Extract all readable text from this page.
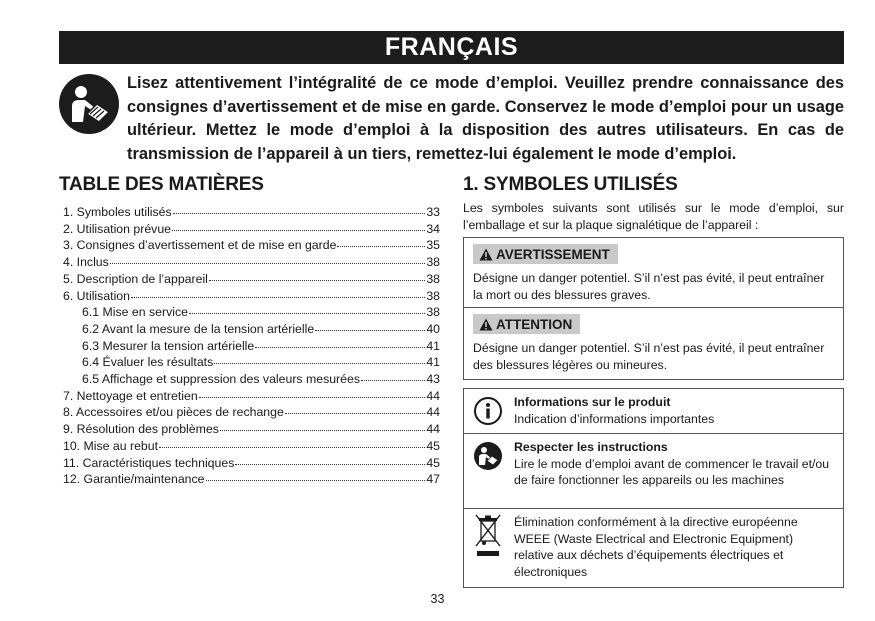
FRANÇAIS

Lisez attentivement l’intégralité de ce mode d’emploi. Veuillez prendre connaissance des consignes d’avertissement et de mise en garde. Conservez le mode d’emploi pour un usage ultérieur. Mettez le mode d’emploi à la disposition des autres utilisateurs. En cas de transmission de l’appareil à un tiers, remettez-lui également le mode d’emploi.

TABLE DES MATIÈRES
1. Symboles utilisés	33
2. Utilisation prévue	34
3. Consignes d’avertissement et de mise en garde	35
4. Inclus	38
5. Description de l’appareil	38
6. Utilisation	38
6.1 Mise en service	38
6.2 Avant la mesure de la tension artérielle	40
6.3 Mesurer la tension artérielle	41
6.4 Évaluer les résultats	41
6.5 Affichage et suppression des valeurs mesurées	43
7. Nettoyage et entretien	44
8. Accessoires et/ou pièces de rechange	44
9. Résolution des problèmes	44
10. Mise au rebut	45
11. Caractéristiques techniques	45
12. Garantie/maintenance	47
1. SYMBOLES UTILISÉS

Les symboles suivants sont utilisés sur le mode d’emploi, sur l’emballage et sur la plaque signalétique de l’appareil :

AVERTISSEMENT

Désigne un danger potentiel. S’il n’est pas évité, il peut entraîner la mort ou des blessures graves.

ATTENTION

Désigne un danger potentiel. S’il n’est pas évité, il peut entraîner des blessures légères ou mineures.

Informations sur le produit
Indication d’informations importantes

Respecter les instructions
Lire le mode d’emploi avant de commencer le travail et/ou de faire fonctionner les appareils ou les machines

Élimination conformément à la directive européenne WEEE (Waste Electrical and Electronic Equipment) relative aux déchets d’équipements électriques et électroniques

33
